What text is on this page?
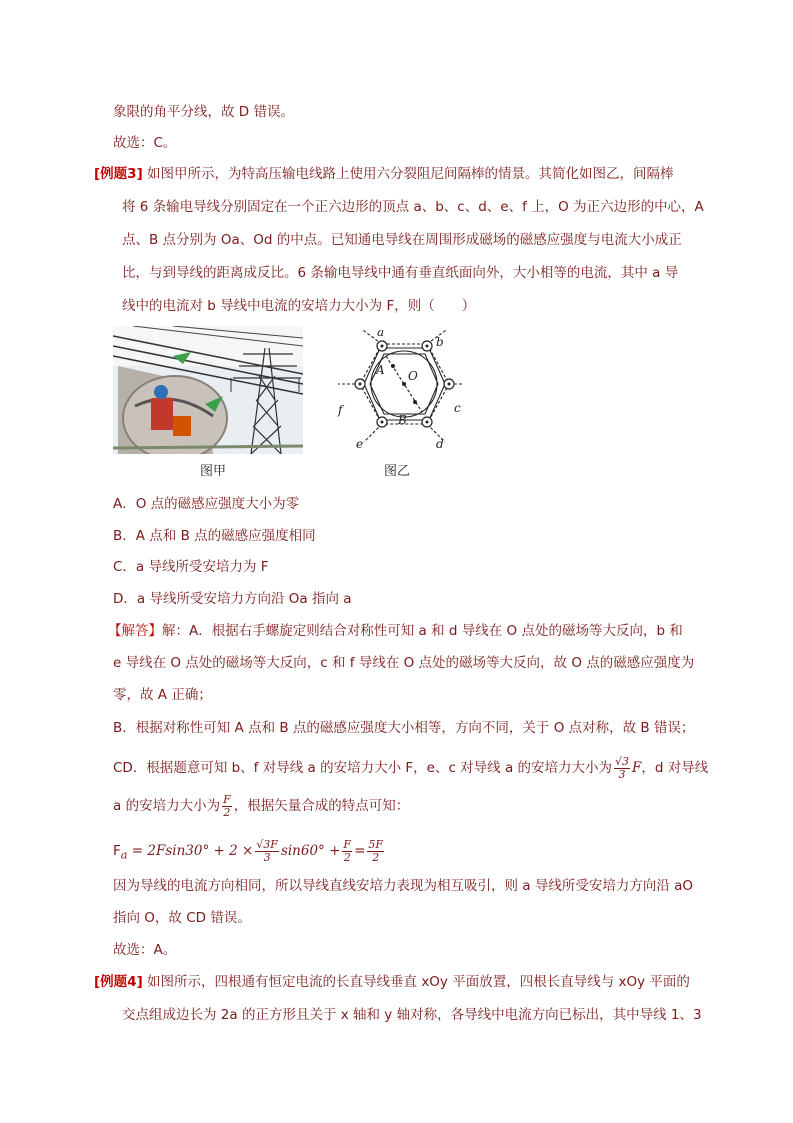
象限的角平分线，故 D 错误。
故选：C。
[例题3] 如图甲所示，为特高压输电线路上使用六分裂阻尼间隔棒的情景。其简化如图乙，间隔棒
将 6 条输电导线分别固定在一个正六边形的顶点 a、b、c、d、e、f 上，O 为正六边形的中心，A
点、B 点分别为 Oa、Od 的中点。已知通电导线在周围形成磁场的磁感应强度与电流大小成正
比，与到导线的距离成反比。6 条输电导线中通有垂直纸面向外，大小相等的电流，其中 a 导
线中的电流对 b 导线中电流的安培力大小为 F，则（　　）
图甲
a
b
c
d
e
f
A
B
O
图乙
A．O 点的磁感应强度大小为零
B．A 点和 B 点的磁感应强度相同
C．a 导线所受安培力为 F
D．a 导线所受安培力方向沿 Oa 指向 a
【解答】解：A．根据右手螺旋定则结合对称性可知 a 和 d 导线在 O 点处的磁场等大反向，b 和
e 导线在 O 点处的磁场等大反向，c 和 f 导线在 O 点处的磁场等大反向，故 O 点的磁感应强度为
零，故 A 正确；
B．根据对称性可知 A 点和 B 点的磁感应强度大小相等，方向不同，关于 O 点对称，故 B 错误；
CD．根据题意可知 b、f 对导线 a 的安培力大小 F，e、c 对导线 a 的安培力大小为 $\frac{√3}{3}$ F，d 对导线
a 的安培力大小为 $\frac{F}{2}$ ，根据矢量合成的特点可知：
$F_a = 2Fsin30^\circ + 2 \times \frac{√3F}{3} \sin 60^\circ + \frac{F}{2} = \frac{5F}{2}$
因为导线的电流方向相同，所以导线直线安培力表现为相互吸引，则 a 导线所受安培力方向沿 aO
指向 O，故 CD 错误。
故选：A。
[例题4] 如图所示，四根通有恒定电流的长直导线垂直 xOy 平面放置，四根长直导线与 xOy 平面的
交点组成边长为 2a 的正方形且关于 x 轴和 y 轴对称，各导线中电流方向已标出，其中导线 1、3
